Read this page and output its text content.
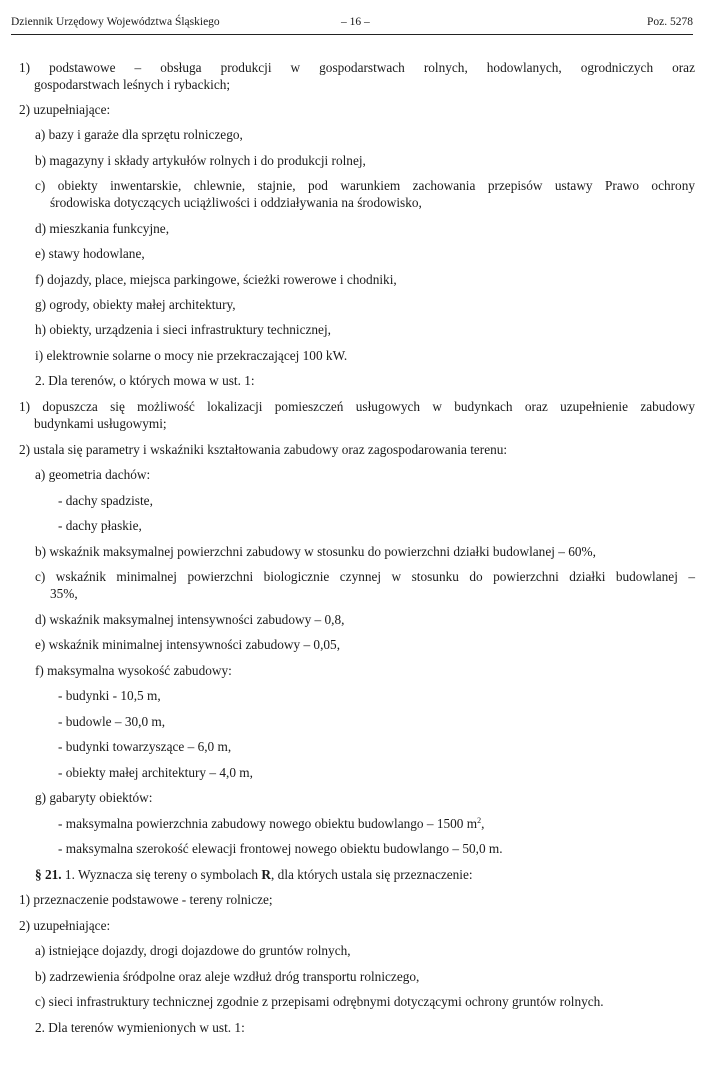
Dziennik Urzędowy Województwa Śląskiego	– 16 –	Poz. 5278
1) podstawowe – obsługa produkcji w gospodarstwach rolnych, hodowlanych, ogrodniczych oraz
gospodarstwach leśnych i rybackich;
2) uzupełniające:
a) bazy i garaże dla sprzętu rolniczego,
b) magazyny i składy artykułów rolnych i do produkcji rolnej,
c) obiekty inwentarskie, chlewnie, stajnie, pod warunkiem zachowania przepisów ustawy Prawo ochrony
środowiska dotyczących uciążliwości i oddziaływania na środowisko,
d) mieszkania funkcyjne,
e) stawy hodowlane,
f) dojazdy, place, miejsca parkingowe, ścieżki rowerowe i chodniki,
g) ogrody, obiekty małej architektury,
h) obiekty, urządzenia i sieci infrastruktury technicznej,
i) elektrownie solarne o mocy nie przekraczającej 100 kW.
2. Dla terenów, o których mowa w ust. 1:
1) dopuszcza się możliwość lokalizacji pomieszczeń usługowych w budynkach oraz uzupełnienie zabudowy
budynkami usługowymi;
2) ustala się parametry i wskaźniki kształtowania zabudowy oraz zagospodarowania terenu:
a) geometria dachów:
- dachy spadziste,
- dachy płaskie,
b) wskaźnik maksymalnej powierzchni zabudowy w stosunku do powierzchni działki budowlanej – 60%,
c) wskaźnik minimalnej powierzchni biologicznie czynnej w stosunku do powierzchni działki budowlanej –
35%,
d) wskaźnik maksymalnej intensywności zabudowy – 0,8,
e) wskaźnik minimalnej intensywności zabudowy – 0,05,
f) maksymalna wysokość zabudowy:
- budynki - 10,5 m,
- budowle – 30,0 m,
- budynki towarzyszące – 6,0 m,
- obiekty małej architektury – 4,0 m,
g) gabaryty obiektów:
- maksymalna powierzchnia zabudowy nowego obiektu budowlango – 1500 $m^2$,
- maksymalna szerokość elewacji frontowej nowego obiektu budowlango – 50,0 m.
§ 21. 1. Wyznacza się tereny o symbolach R, dla których ustala się przeznaczenie:
1) przeznaczenie podstawowe - tereny rolnicze;
2) uzupełniające:
a) istniejące dojazdy, drogi dojazdowe do gruntów rolnych,
b) zadrzewienia śródpolne oraz aleje wzdłuż dróg transportu rolniczego,
c) sieci infrastruktury technicznej zgodnie z przepisami odrębnymi dotyczącymi ochrony gruntów rolnych.
2. Dla terenów wymienionych w ust. 1:
